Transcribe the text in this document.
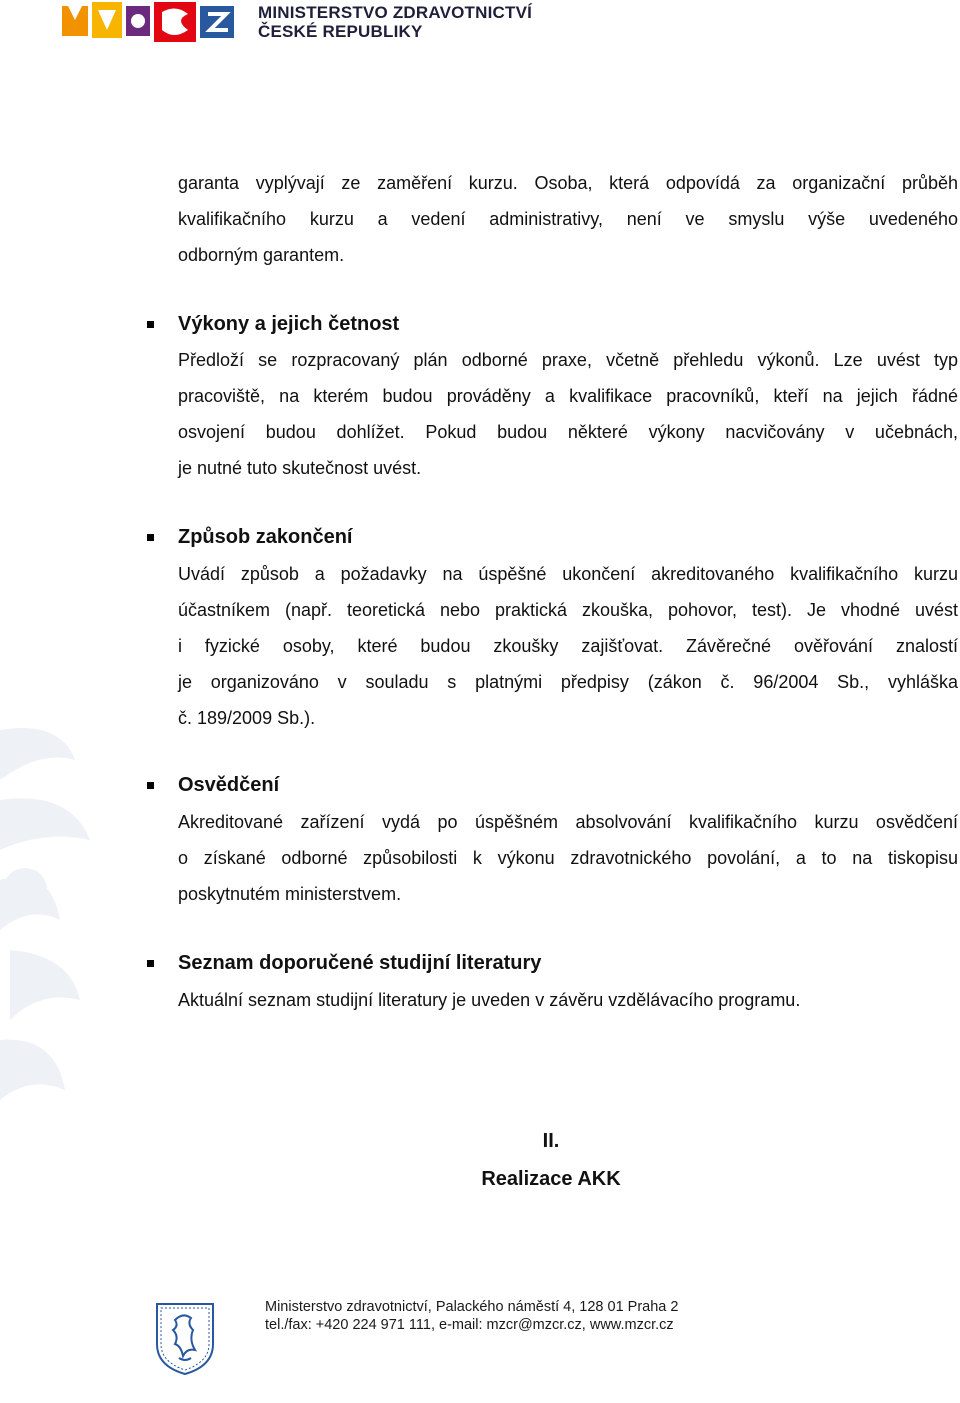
MINISTERSTVO ZDRAVOTNICTVÍ
ČESKÉ REPUBLIKY
garanta vyplývají ze zaměření kurzu. Osoba, která odpovídá za organizační průběh
kvalifikačního kurzu a vedení administrativy, není ve smyslu výše uvedeného
odborným garantem.
Výkony a jejich četnost
Předloží se rozpracovaný plán odborné praxe, včetně přehledu výkonů. Lze uvést typ
pracoviště, na kterém budou prováděny a kvalifikace pracovníků, kteří na jejich řádné
osvojení budou dohlížet. Pokud budou některé výkony nacvičovány v učebnách,
je nutné tuto skutečnost uvést.
Způsob zakončení
Uvádí způsob a požadavky na úspěšné ukončení akreditovaného kvalifikačního kurzu
účastníkem (např. teoretická nebo praktická zkouška, pohovor, test). Je vhodné uvést
i fyzické osoby, které budou zkoušky zajišťovat. Závěrečné ověřování znalostí
je organizováno v souladu s platnými předpisy (zákon č. 96/2004 Sb., vyhláška
č. 189/2009 Sb.).
Osvědčení
Akreditované zařízení vydá po úspěšném absolvování kvalifikačního kurzu osvědčení
o získané odborné způsobilosti k výkonu zdravotnického povolání, a to na tiskopisu
poskytnutém ministerstvem.
Seznam doporučené studijní literatury
Aktuální seznam studijní literatury je uveden v závěru vzdělávacího programu.
II.
Realizace AKK
Ministerstvo zdravotnictví, Palackého náměstí 4, 128 01 Praha 2
tel./fax: +420 224 971 111, e-mail: mzcr@mzcr.cz, www.mzcr.cz
